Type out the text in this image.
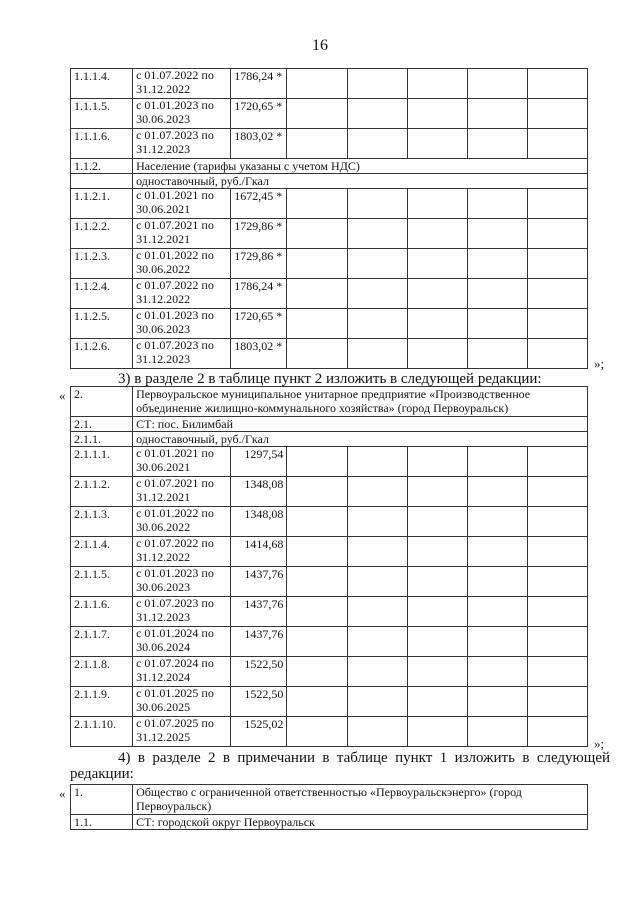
16
1.1.1.4.	с 01.07.2022 по 31.12.2022	1786,24 *					
1.1.1.5.	с 01.01.2023 по 30.06.2023	1720,65 *					
1.1.1.6.	с 01.07.2023 по 31.12.2023	1803,02 *					
1.1.2.	Население (тарифы указаны с учетом НДС)						
	одноставочный, руб./Гкал						
1.1.2.1.	с 01.01.2021 по 30.06.2021	1672,45 *					
1.1.2.2.	с 01.07.2021 по 31.12.2021	1729,86 *					
1.1.2.3.	с 01.01.2022 по 30.06.2022	1729,86 *					
1.1.2.4.	с 01.07.2022 по 31.12.2022	1786,24 *					
1.1.2.5.	с 01.01.2023 по 30.06.2023	1720,65 *					
1.1.2.6.	с 01.07.2023 по 31.12.2023	1803,02 *					
»;
3) в разделе 2 в таблице пункт 2 изложить в следующей редакции:
« 2.	Первоуральское муниципальное унитарное предприятие «Производственное объединение жилищно-коммунального хозяйства» (город Первоуральск)						
2.1.	СТ: пос. Билимбай						
2.1.1.	одноставочный, руб./Гкал						
2.1.1.1.	с 01.01.2021 по 30.06.2021	1297,54					
2.1.1.2.	с 01.07.2021 по 31.12.2021	1348,08					
2.1.1.3.	с 01.01.2022 по 30.06.2022	1348,08					
2.1.1.4.	с 01.07.2022 по 31.12.2022	1414,68					
2.1.1.5.	с 01.01.2023 по 30.06.2023	1437,76					
2.1.1.6.	с 01.07.2023 по 31.12.2023	1437,76					
2.1.1.7.	с 01.01.2024 по 30.06.2024	1437,76					
2.1.1.8.	с 01.07.2024 по 31.12.2024	1522,50					
2.1.1.9.	с 01.01.2025 по 30.06.2025	1522,50					
2.1.1.10.	с 01.07.2025 по 31.12.2025	1525,02					
»;
4) в разделе 2 в примечании в таблице пункт 1 изложить в следующей
редакции:
« 1.	Общество с ограниченной ответственностью «Первоуральскэнерго» (город Первоуральск)
1.1.	СТ: городской округ Первоуральск
